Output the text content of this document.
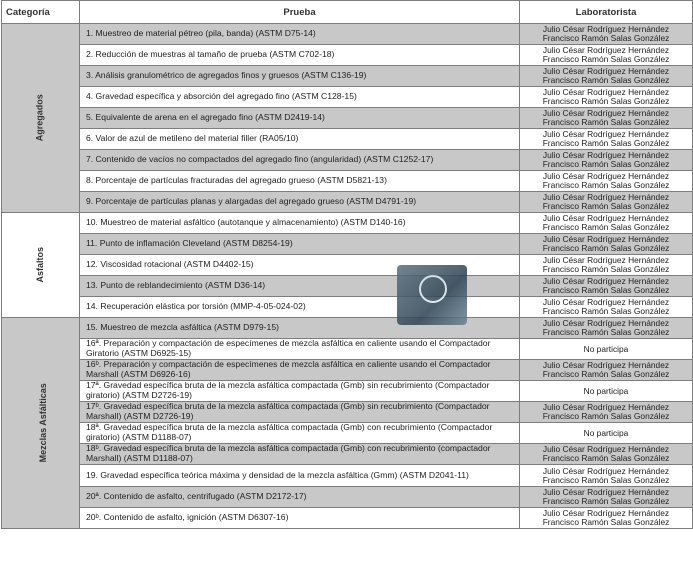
Categoría	Prueba	Laboratorista
Agregados	1. Muestreo de material pétreo (pila, banda) (ASTM D75-14)	Julio César Rodríguez Hernández
Francisco Ramón Salas González

	2. Reducción de muestras al tamaño de prueba (ASTM C702-18)	Julio César Rodríguez Hernández
Francisco Ramón Salas González

	3. Análisis granulométrico de agregados finos y gruesos (ASTM C136-19)	Julio César Rodríguez Hernández
Francisco Ramón Salas González

	4. Gravedad específica y absorción del agregado fino (ASTM C128-15)	Julio César Rodríguez Hernández
Francisco Ramón Salas González

	5. Equivalente de arena en el agregado fino (ASTM D2419-14)	Julio César Rodríguez Hernández
Francisco Ramón Salas González

	6. Valor de azul de metileno del material filler (RA05/10)	Julio César Rodríguez Hernández
Francisco Ramón Salas González

	7. Contenido de vacíos no compactados del agregado fino (angularidad) (ASTM C1252-17)	Julio César Rodríguez Hernández
Francisco Ramón Salas González

	8. Porcentaje de partículas fracturadas del agregado grueso (ASTM D5821-13)	Julio César Rodríguez Hernández
Francisco Ramón Salas González

	9. Porcentaje de partículas planas y alargadas del agregado grueso (ASTM D4791-19)	Julio César Rodríguez Hernández
Francisco Ramón Salas González

Asfaltos	10. Muestreo de material asfáltico (autotanque y almacenamiento) (ASTM D140-16)	Julio César Rodríguez Hernández
Francisco Ramón Salas González

	11. Punto de inflamación Cleveland (ASTM D8254-19)	Julio César Rodríguez Hernández
Francisco Ramón Salas González

	12. Viscosidad rotacional (ASTM D4402-15)	Julio César Rodríguez Hernández
Francisco Ramón Salas González

	13. Punto de reblandecimiento (ASTM D36-14)	Julio César Rodríguez Hernández
Francisco Ramón Salas González

	14. Recuperación elástica por torsión (MMP-4-05-024-02)	Julio César Rodríguez Hernández
Francisco Ramón Salas González

Mezclas Asfálticas	15. Muestreo de mezcla asfáltica (ASTM D979-15)	Julio César Rodríguez Hernández
Francisco Ramón Salas González

	16ª. Preparación y compactación de especímenes de mezcla asfáltica en caliente usando el Compactador Giratorio (ASTM D6925-15)	No participa

	16ᵇ. Preparación y compactación de especímenes de mezcla asfáltica en caliente usando el Compactador Marshall (ASTM D6926-16)	Julio César Rodríguez Hernández
Francisco Ramón Salas González

	17ª. Gravedad específica bruta de la mezcla asfáltica compactada (Gmb) sin recubrimiento (Compactador giratorio) (ASTM D2726-19)	No participa

	17ᵇ. Gravedad específica bruta de la mezcla asfáltica compactada (Gmb) sin recubrimiento (Compactador Marshall) (ASTM D2726-19)	Julio César Rodríguez Hernández
Francisco Ramón Salas González

	18ª. Gravedad específica bruta de la mezcla asfáltica compactada (Gmb) con recubrimiento (Compactador giratorio) (ASTM D1188-07)	No participa

	18ᵇ. Gravedad específica bruta de la mezcla asfáltica compactada (Gmb) con recubrimiento (compactador Marshall) (ASTM D1188-07)	Julio César Rodríguez Hernández
Francisco Ramón Salas González

	19. Gravedad específica teórica máxima y densidad de la mezcla asfáltica (Gmm) (ASTM D2041-11)	Julio César Rodríguez Hernández
Francisco Ramón Salas González

	20ª. Contenido de asfalto, centrifugado (ASTM D2172-17)	Julio César Rodríguez Hernández
Francisco Ramón Salas González

	20ᵇ. Contenido de asfalto, ignición (ASTM D6307-16)	Julio César Rodríguez Hernández
Francisco Ramón Salas González
